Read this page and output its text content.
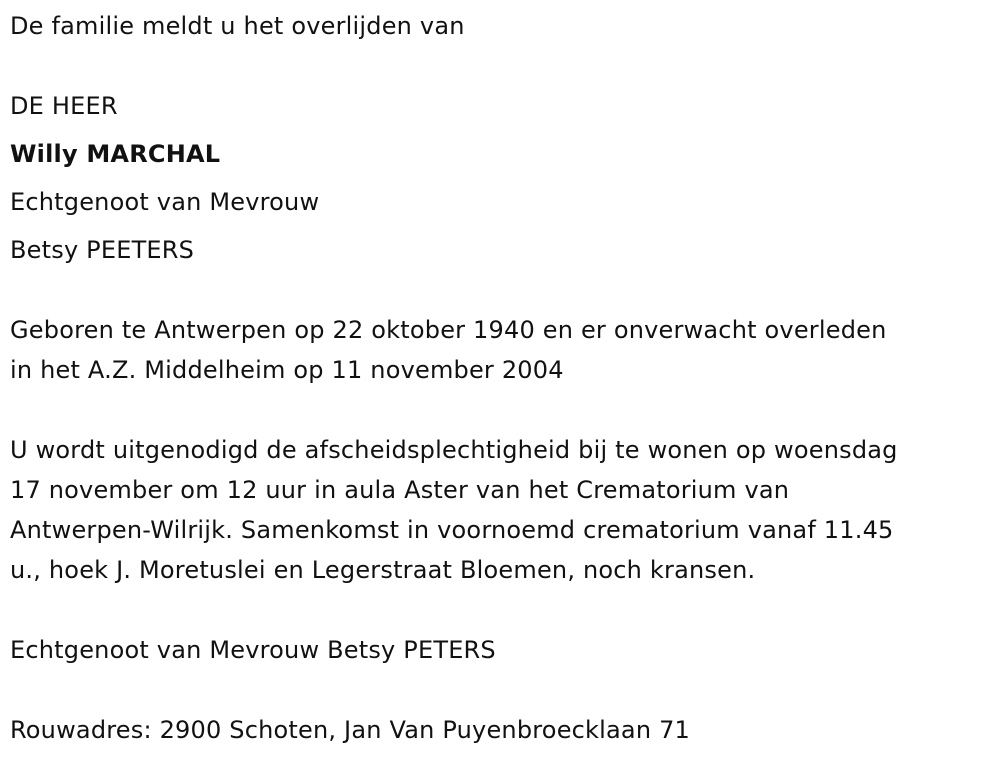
De familie meldt u het overlijden van
DE HEER
Willy MARCHAL
Echtgenoot van Mevrouw
Betsy PEETERS
Geboren te Antwerpen op 22 oktober 1940 en er onverwacht overleden
in het A.Z. Middelheim op 11 november 2004
U wordt uitgenodigd de afscheidsplechtigheid bij te wonen op woensdag
17 november om 12 uur in aula Aster van het Crematorium van
Antwerpen-Wilrijk. Samenkomst in voornoemd crematorium vanaf 11.45
u., hoek J. Moretuslei en Legerstraat Bloemen, noch kransen.
Echtgenoot van Mevrouw Betsy PETERS
Rouwadres: 2900 Schoten, Jan Van Puyenbroecklaan 71
